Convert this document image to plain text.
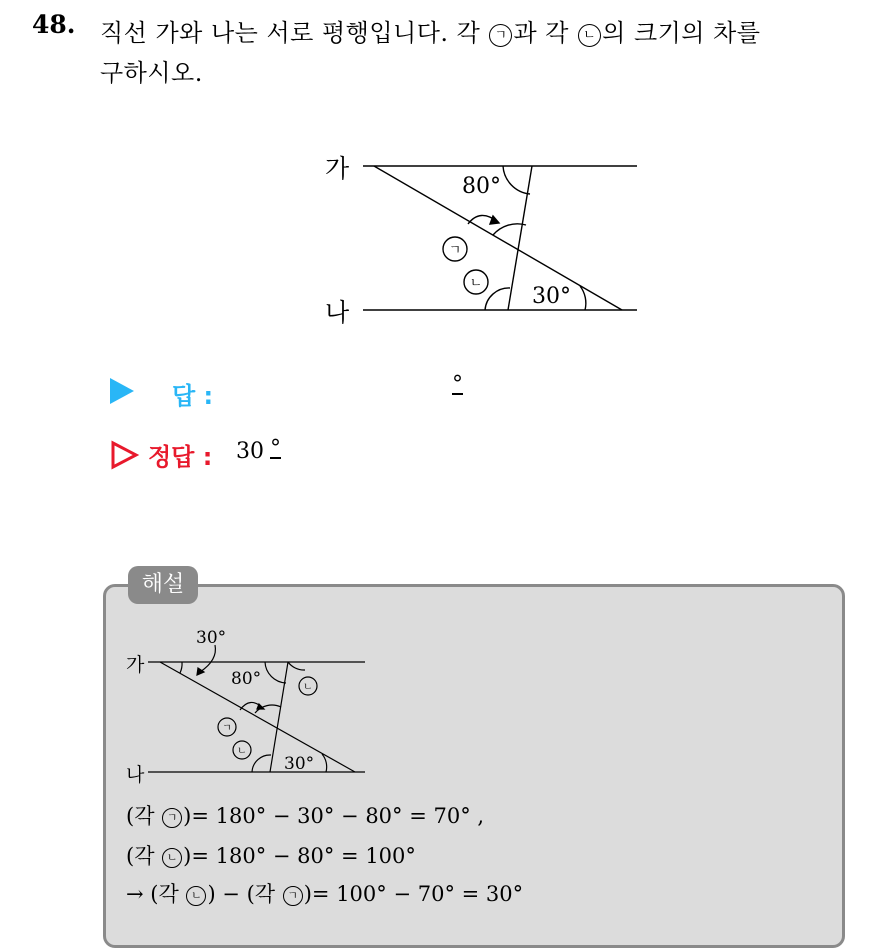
48. 직선 가와 나는 서로 평행입니다. 각 ㄱ 과 각 ㄴ 의 크기의 차를
구하시오.
가
나
80°
30°
ㄱ
ㄴ
답 :	°
정답 : 30 °
해설
가
나
30°
80°
30°
ㄴ
ㄱ
ㄴ
(각 ㄱ )= 180° − 30° − 80° = 70° ,
(각 ㄴ )= 180° − 80° = 100°
→ (각 ㄴ ) − (각 ㄱ )= 100° − 70° = 30°
